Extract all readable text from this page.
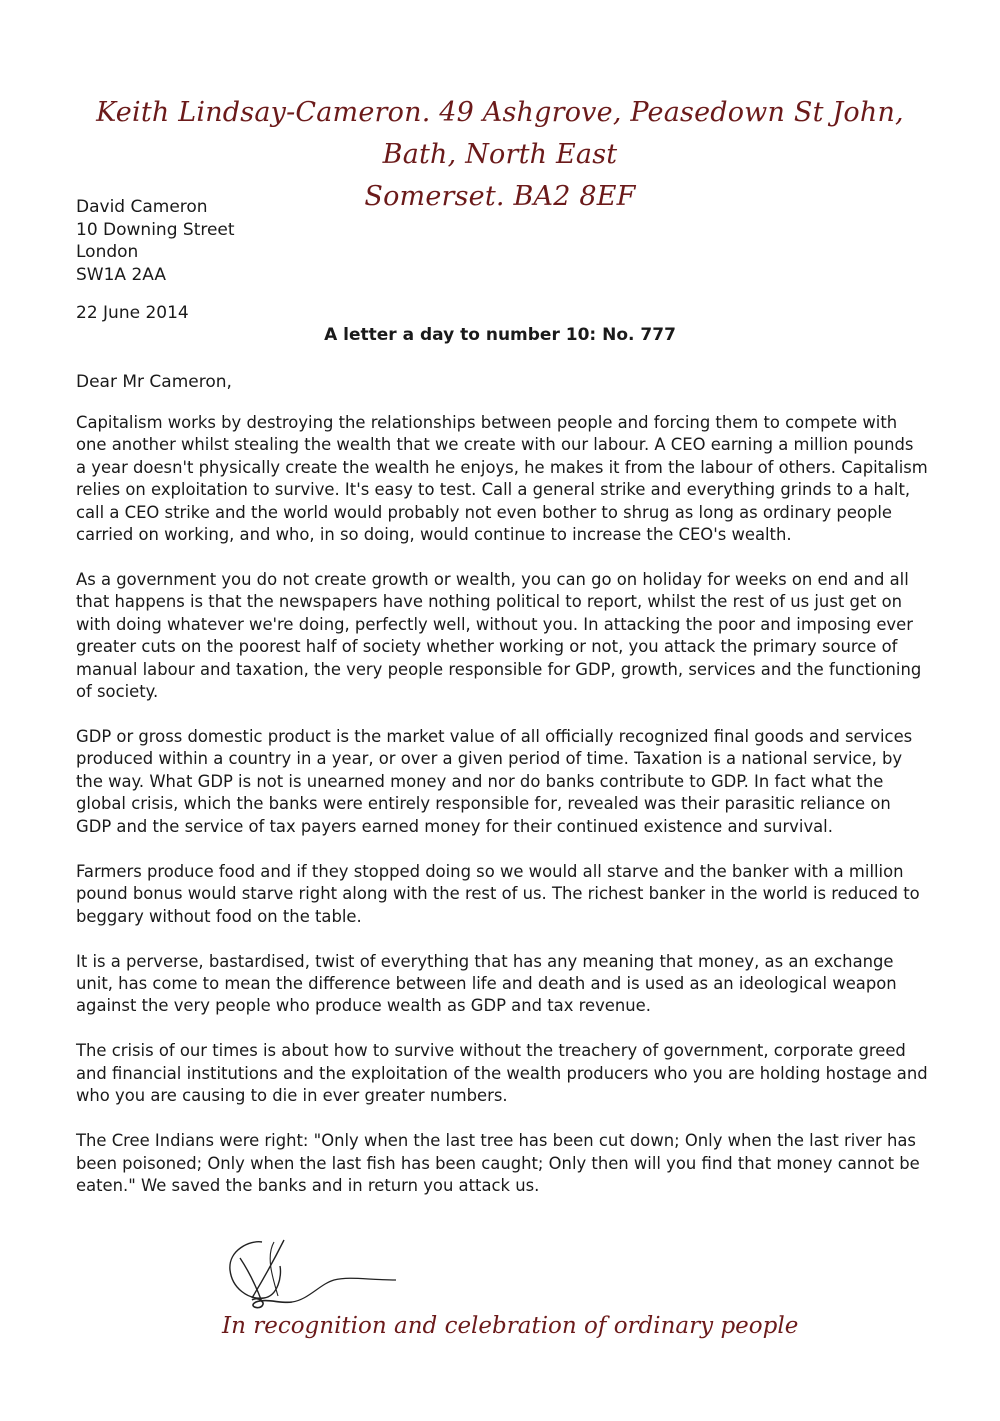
Keith Lindsay-Cameron. 49 Ashgrove, Peasedown St John, Bath, North East
Somerset. BA2 8EF
David Cameron
10 Downing Street
London
SW1A 2AA
22 June 2014
A letter a day to number 10: No. 777
Dear Mr Cameron,

Capitalism works by destroying the relationships between people and forcing them to compete with one another whilst stealing the wealth that we create with our labour. A CEO earning a million pounds a year doesn't physically create the wealth he enjoys, he makes it from the labour of others. Capitalism relies on exploitation to survive. It's easy to test. Call a general strike and everything grinds to a halt, call a CEO strike and the world would probably not even bother to shrug as long as ordinary people carried on working, and who, in so doing, would continue to increase the CEO's wealth.

As a government you do not create growth or wealth, you can go on holiday for weeks on end and all that happens is that the newspapers have nothing political to report, whilst the rest of us just get on with doing whatever we're doing, perfectly well, without you. In attacking the poor and imposing ever greater cuts on the poorest half of society whether working or not, you attack the primary source of manual labour and taxation, the very people responsible for GDP, growth, services and the functioning of society.

GDP or gross domestic product is the market value of all officially recognized final goods and services produced within a country in a year, or over a given period of time. Taxation is a national service, by the way. What GDP is not is unearned money and nor do banks contribute to GDP. In fact what the global crisis, which the banks were entirely responsible for, revealed was their parasitic reliance on GDP and the service of tax payers earned money for their continued existence and survival.

Farmers produce food and if they stopped doing so we would all starve and the banker with a million pound bonus would starve right along with the rest of us. The richest banker in the world is reduced to beggary without food on the table.

It is a perverse, bastardised, twist of everything that has any meaning that money, as an exchange unit, has come to mean the difference between life and death and is used as an ideological weapon against the very people who produce wealth as GDP and tax revenue.

The crisis of our times is about how to survive without the treachery of government, corporate greed and financial institutions and the exploitation of the wealth producers who you are holding hostage and who you are causing to die in ever greater numbers.

The Cree Indians were right: "Only when the last tree has been cut down; Only when the last river has been poisoned; Only when the last fish has been caught; Only then will you find that money cannot be eaten." We saved the banks and in return you attack us.

In recognition and celebration of ordinary people
